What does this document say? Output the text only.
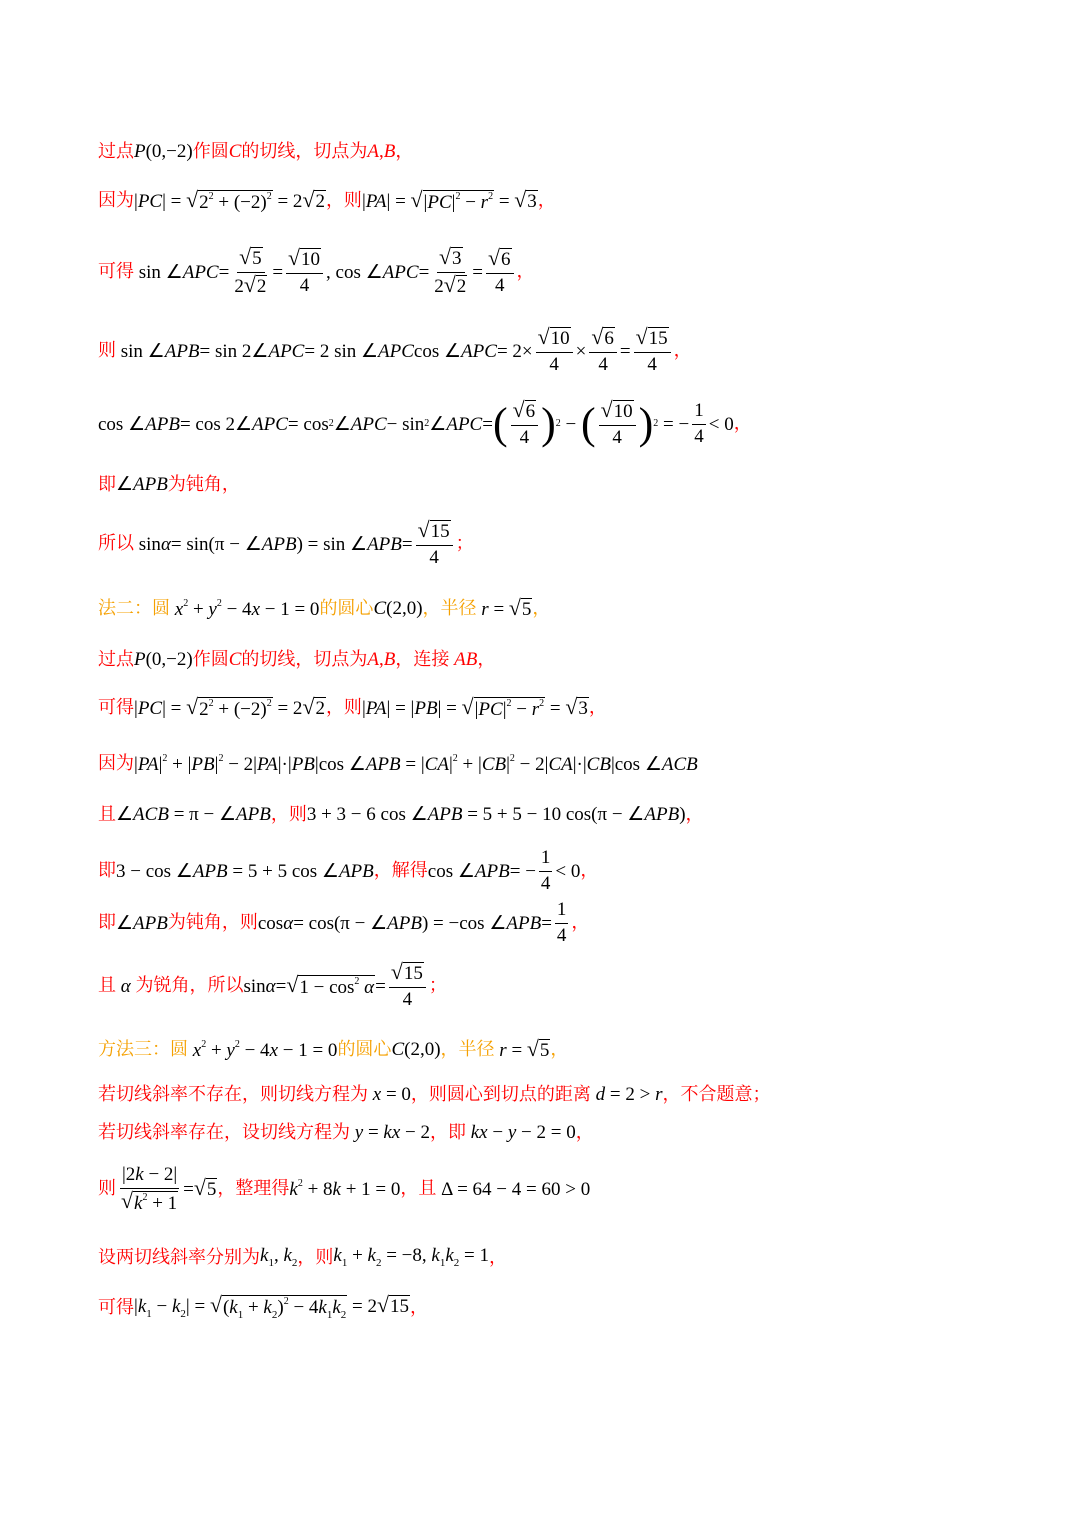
过点 P(0,−2) 作圆 C 的切线，切点为 A,B ，
因为 |PC| = √ $2^2 + (-2)^2 = 2$ √ 2 ，则 |PA| = √ $|PC|^2 - r^2$ = √ 3 ，
可得 sin ∠ APC = $\frac{√ 5}{2 √ 2} = \frac{√ 10}{4}$ , cos ∠ APC = $\frac{√ 3}{2 √ 2} = \frac{√ 6}{4}$ ，
则 sin ∠ APB = sin 2∠ APC = 2 sin ∠ APC cos ∠ APC = $2\times \frac{√ 10}{4} \times \frac{√ 6}{4} = \frac{√ 15}{4}$ ，
cos ∠ APB = cos 2∠ APC = cos 2 ∠ APC − sin 2 ∠ APC = ( $\frac{√ 6}{4}$ ) 2 − ( $\frac{√ 10}{4}$ ) 2 = − $\frac{1}{4} < 0$ ，
即 ∠APB 为钝角，
所以 sin α = sin(π − ∠ APB ) = sin ∠ APB = $\frac{√ 15}{4}$ ；
法二：圆 $x^2 + y^2 - 4x - 1 = 0$ 的圆心 C(2,0) ，半径 r = √ 5 ，
过点 P(0,−2) 作圆 C 的切线，切点为 A,B ，连接 AB ，
可得 |PC| = √ $2^2 + (-2)^2 = 2$ √ 2 ，则 |PA| = |PB| = √ $|PC|^2 - r^2$ = √ 3 ，
因为 $|PA|^2 + |PB|^2 - 2|PA|\cdot|PB|\cos$ ∠APB = $|CA|^2 + |CB|^2 - 2|CA|\cdot|CB|\cos$ ∠ACB
且 ∠ACB = π − ∠APB ，则 3 + 3 − 6 cos ∠APB = 5 + 5 − 10 cos(π − ∠APB) ，
即 3 − cos ∠APB = 5 + 5 cos ∠APB ，解得 cos ∠ APB = − $\frac{1}{4} < 0$ ，
即 ∠APB 为钝角，则 cos α = cos(π − ∠ APB ) = −cos ∠ APB = $\frac{1}{4}$ ，
且 α 为锐角，所以 sin α = √ $1 - \cos^2 \alpha = \frac{√ 15}{4}$ ；
方法三：圆 $x^2 + y^2 - 4x - 1 = 0$ 的圆心 C(2,0) ，半径 r = √ 5 ，
若切线斜率不存在，则切线方程为 x = 0 ，则圆心到切点的距离 d = 2 > r ，不合题意；
若切线斜率存在，设切线方程为 y = kx − 2 ，即 kx − y − 2 = 0 ，
则 $\frac{|2k - 2|}{√ k^2 + 1}$ = √ 5 ，整理得 $k^2 + 8k + 1 = 0$ ，且 Δ = 64 − 4 = 60 > 0
设两切线斜率分别为 $k_1$, $k_2$ ，则 $k_1 + k_2 = -8$, $k_1k_2 = 1$ ，
可得 $|k_1 - k_2|$ = √ $(k_1 + k_2)^2 - 4k_1k_2 = 2$ √ 15 ，
